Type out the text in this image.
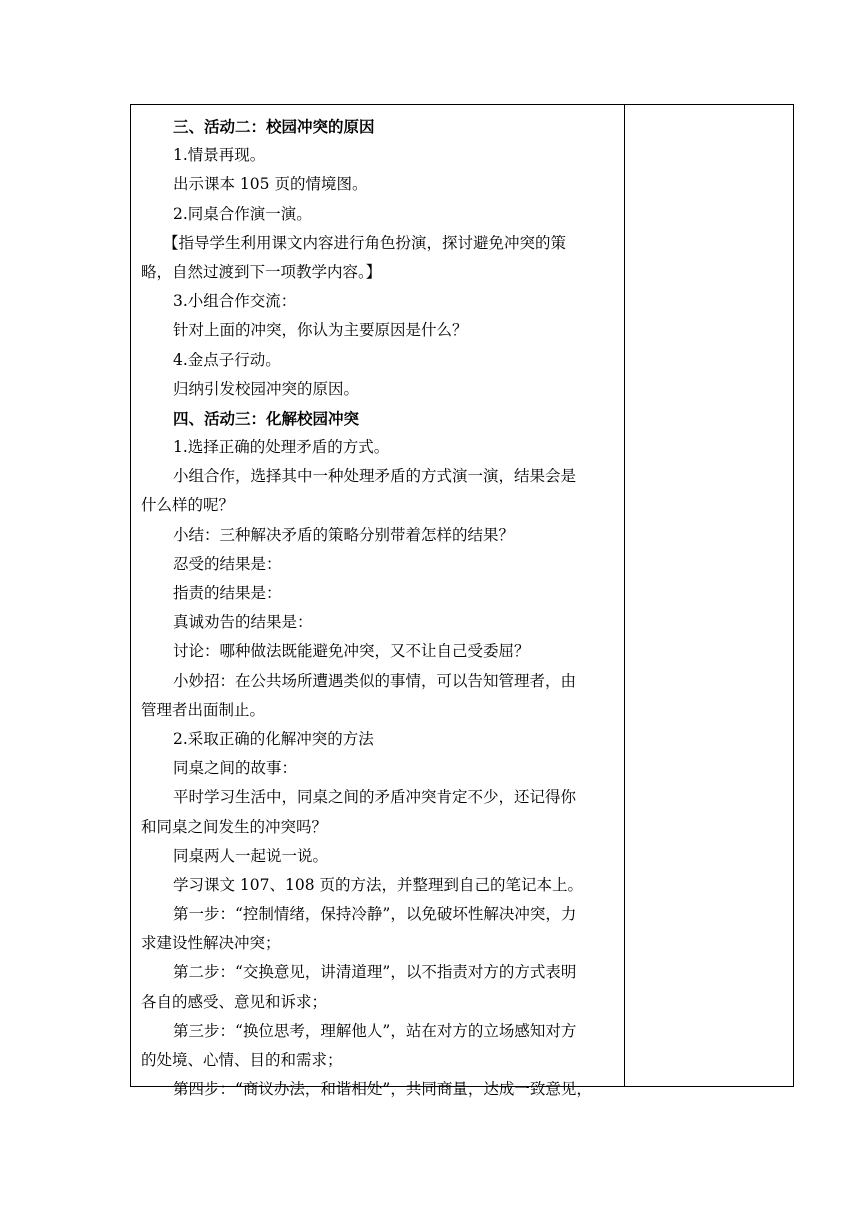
三、活动二：校园冲突的原因

1.情景再现。

出示课本 105 页的情境图。

2.同桌合作演一演。

【指导学生利用课文内容进行角色扮演，探讨避免冲突的策

略，自然过渡到下一项教学内容。】

3.小组合作交流：

针对上面的冲突，你认为主要原因是什么？

4.金点子行动。

归纳引发校园冲突的原因。

四、活动三：化解校园冲突

1.选择正确的处理矛盾的方式。

小组合作，选择其中一种处理矛盾的方式演一演，结果会是

什么样的呢？

小结：三种解决矛盾的策略分别带着怎样的结果？

忍受的结果是：

指责的结果是：

真诚劝告的结果是：

讨论：哪种做法既能避免冲突，又不让自己受委屈？

小妙招：在公共场所遭遇类似的事情，可以告知管理者，由

管理者出面制止。

2.采取正确的化解冲突的方法

同桌之间的故事：

平时学习生活中，同桌之间的矛盾冲突肯定不少，还记得你

和同桌之间发生的冲突吗？

同桌两人一起说一说。

学习课文 107、108 页的方法，并整理到自己的笔记本上。

第一步：“控制情绪，保持冷静”，以免破坏性解决冲突，力

求建设性解决冲突；

第二步：“交换意见，讲清道理”，以不指责对方的方式表明

各自的感受、意见和诉求；

第三步：“换位思考，理解他人”，站在对方的立场感知对方

的处境、心情、目的和需求；

第四步：“商议办法，和谐相处”，共同商量，达成一致意见，
